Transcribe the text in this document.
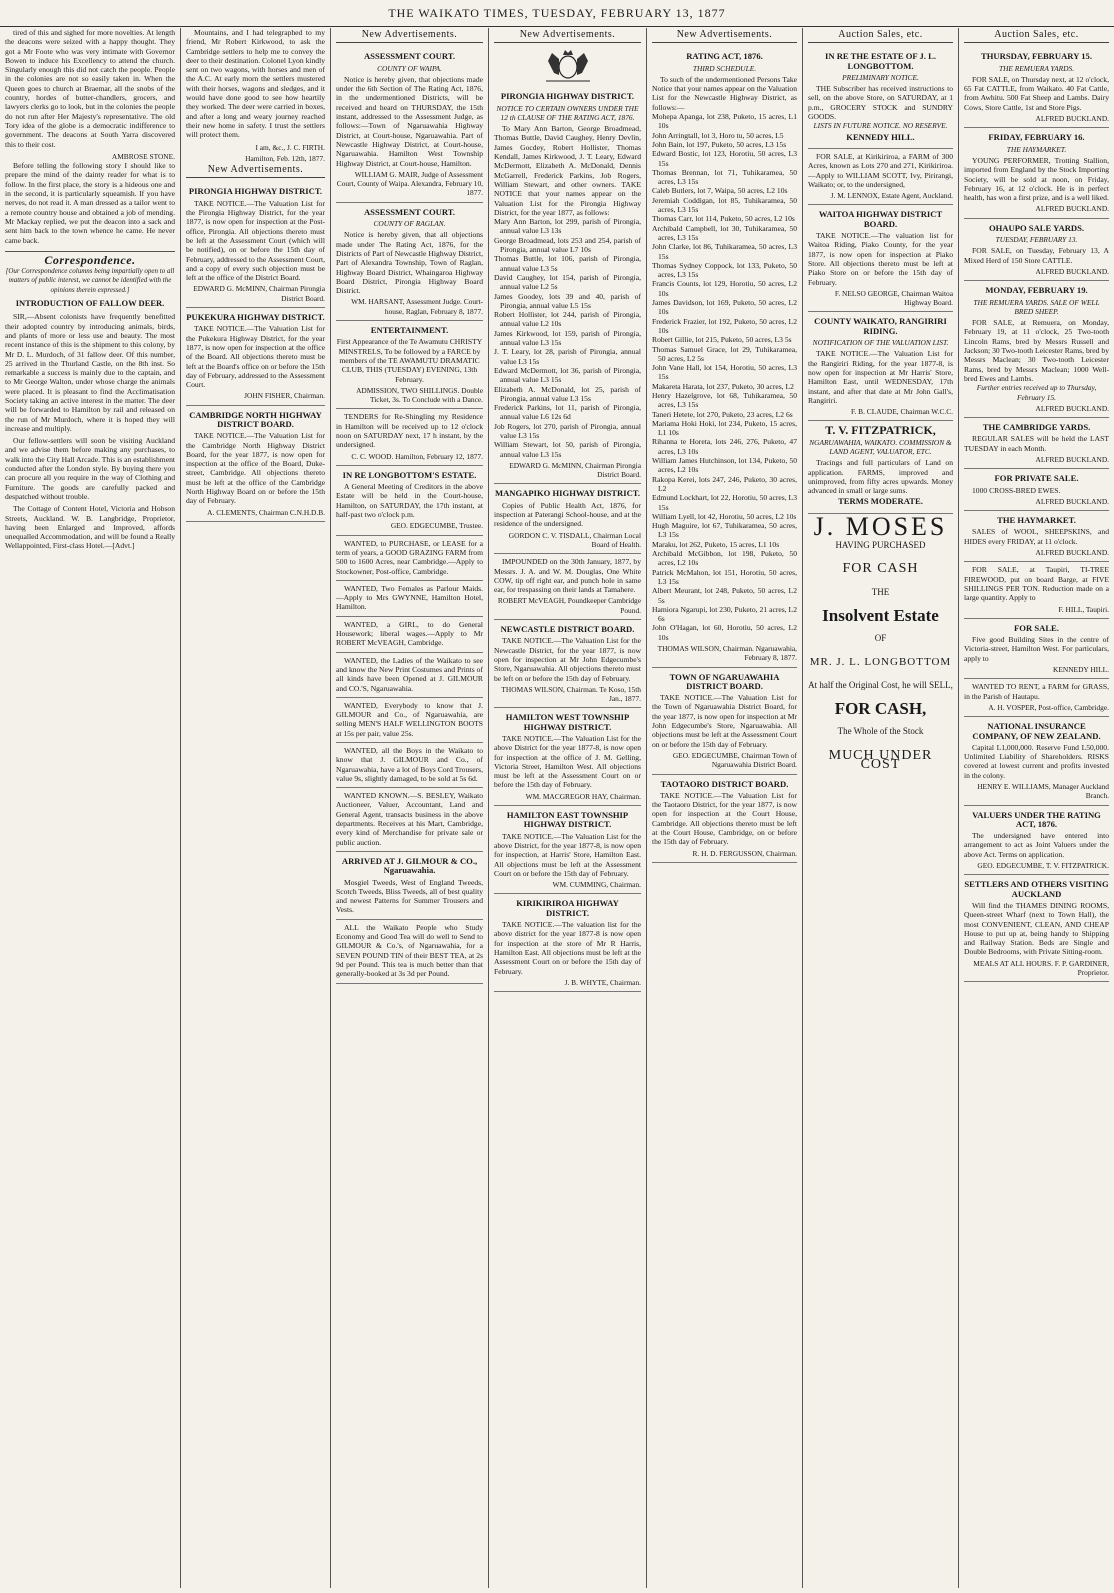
THE WAIKATO TIMES, TUESDAY, FEBRUARY 13, 1877

tired of this and sighed for more novelties. At length the deacons were seized with a happy thought. They got a Mr Foote who was very intimate with Governor Bowen to induce his Excellency to attend the church. Singularly enough this did not catch the people. People in the colonies are not so easily taken in. When the Queen goes to church at Braemar, all the snobs of the country, hordes of butter-chandlers, grocers, and lawyers clerks go to look, but in the colonies the people do not run after Her Majesty's representative. The old Tory idea of the globe is a democratic indifference to government. The deacons at South Yarra discovered this to their cost.

AMBROSE STONE.

Before telling the following story I should like to prepare the mind of the dainty reader for what is to follow. In the first place, the story is a hideous one and in the second, it is particularly squeamish. If you have nerves, do not read it. A man dressed as a tailor went to a remote country house and obtained a job of mending. Mr Mackay replied, we put the deacon into a sack and sent him back to the town whence he came. He never came back.

Correspondence.
[Our Correspondence columns being impartially open to all matters of public interest, we cannot be identified with the opinions therein expressed.]
INTRODUCTION OF FALLOW DEER.

SIR,—Absent colonists have frequently benefitted their adopted country by introducing animals, birds, and plants of more or less use and beauty. The most recent instance of this is the shipment to this colony, by Mr D. L. Murdoch, of 31 fallow deer. Of this number, 25 arrived in the Thurland Castle, on the 8th inst. So remarkable a success is mainly due to the captain, and to Mr George Walton, under whose charge the animals were placed. It is pleasant to find the Acclimatisation Society taking an active interest in the matter. The deer will be forwarded to Hamilton by rail and released on the run of Mr Murdoch, where it is hoped they will increase and multiply.

Our fellow-settlers will soon be visiting Auckland and we advise them before making any purchases, to walk into the City Hall Arcade. This is an establishment conducted after the London style. By buying there you can procure all you require in the way of Clothing and Furniture. The goods are carefully packed and despatched without trouble.

The Cottage of Content Hotel, Victoria and Hobson Streets, Auckland. W. B. Langbridge, Proprietor, having been Enlarged and Improved, affords unequalled Accommodation, and will be found a Really Wellappointed, First-class Hotel.—[Advt.]

Mountains, and I had telegraphed to my friend, Mr Robert Kirkwood, to ask the Cambridge settlers to help me to convey the deer to their destination. Colonel Lyon kindly sent on two wagons, with horses and men of the A.C. At early morn the settlers mustered with their horses, wagons and sledges, and it would have done good to see how heartily they worked. The deer were carried in boxes, and after a long and weary journey reached their new home in safety. I trust the settlers will protect them.

I am, &c., J. C. FIRTH.
Hamilton, Feb. 12th, 1877.
New Advertisements.
PIRONGIA HIGHWAY DISTRICT.

TAKE NOTICE.—The Valuation List for the Pirongia Highway District, for the year 1877, is now open for inspection at the Post-office, Pirongia. All objections thereto must be left at the Assessment Court (which will be notified), on or before the 15th day of February, addressed to the Assessment Court, and a copy of every such objection must be left at the office of the District Board.

EDWARD G. McMINN, Chairman Pirongia District Board.
PUKEKURA HIGHWAY DISTRICT.

TAKE NOTICE.—The Valuation List for the Pukekura Highway District, for the year 1877, is now open for inspection at the office of the Board. All objections thereto must be left at the Board's office on or before the 15th day of February, addressed to the Assessment Court.

JOHN FISHER, Chairman.
CAMBRIDGE NORTH HIGHWAY DISTRICT BOARD.

TAKE NOTICE.—The Valuation List for the Cambridge North Highway District Board, for the year 1877, is now open for inspection at the office of the Board, Duke-street, Cambridge. All objections thereto must be left at the office of the Cambridge North Highway Board on or before the 15th day of February.

A. CLEMENTS, Chairman C.N.H.D.B.
New Advertisements.
ASSESSMENT COURT.
COUNTY OF WAIPA.

Notice is hereby given, that objections made under the 6th Section of The Rating Act, 1876, in the undermentioned Districts, will be received and heard on THURSDAY, the 15th instant, addressed to the Assessment Judge, as follows:—Town of Ngaruawahia Highway District, at Court-house, Ngaruawahia. Part of Newcastle Highway District, at Court-house, Ngaruawahia. Hamilton West Township Highway District, at Court-house, Hamilton.

WILLIAM G. MAIR, Judge of Assessment Court, County of Waipa. Alexandra, February 10, 1877.
ASSESSMENT COURT.
COUNTY OF RAGLAN.

Notice is hereby given, that all objections made under The Rating Act, 1876, for the Districts of Part of Newcastle Highway District, Part of Alexandra Township, Town of Raglan, Highway Board District, Whaingaroa Highway Board District, Pirongia Highway Board District.

WM. HARSANT, Assessment Judge. Court-house, Raglan, February 8, 1877.
ENTERTAINMENT.

First Appearance of the Te Awamutu CHRISTY MINSTRELS, To be followed by a FARCE by members of the TE AWAMUTU DRAMATIC CLUB, THIS (TUESDAY) EVENING, 13th February.

ADMISSION, TWO SHILLINGS. Double Ticket, 3s. To Conclude with a Dance.

TENDERS for Re-Shingling my Residence in Hamilton will be received up to 12 o'clock noon on SATURDAY next, 17 h instant, by the undersigned.

C. C. WOOD. Hamilton, February 12, 1877.
IN RE LONGBOTTOM'S ESTATE.

A General Meeting of Creditors in the above Estate will be held in the Court-house, Hamilton, on SATURDAY, the 17th instant, at half-past two o'clock p.m.

GEO. EDGECUMBE, Trustee.

WANTED, to PURCHASE, or LEASE for a term of years, a GOOD GRAZING FARM from 500 to 1600 Acres, near Cambridge.—Apply to Stockowner, Post-office, Cambridge.

WANTED, Two Females as Parlour Maids.—Apply to Mrs GWYNNE, Hamilton Hotel, Hamilton.

WANTED, a GIRL, to do General Housework; liberal wages.—Apply to Mr ROBERT McVEAGH, Cambridge.

WANTED, the Ladies of the Waikato to see and know the New Print Costumes and Prints of all kinds have been Opened at J. GILMOUR and CO.'S, Ngaruawahia.

WANTED, Everybody to know that J. GILMOUR and Co., of Ngaruawahia, are selling MEN'S HALF WELLINGTON BOOTS at 15s per pair, value 25s.

WANTED, all the Boys in the Waikato to know that J. GILMOUR and Co., of Ngaruawahia, have a lot of Boys Cord Trousers, value 9s, slightly damaged, to be sold at 5s 6d.

WANTED KNOWN.—S. BESLEY, Waikato Auctioneer, Valuer, Accountant, Land and General Agent, transacts business in the above departments. Receives at his Mart, Cambridge, every kind of Merchandise for private sale or public auction.

ARRIVED AT J. GILMOUR & CO., Ngaruawahia.

Mosgiel Tweeds, West of England Tweeds, Scotch Tweeds, Bliss Tweeds, all of best quality and newest Patterns for Summer Trousers and Vests.

ALL the Waikato People who Study Economy and Good Tea will do well to Send to GILMOUR & Co.'s, of Ngaruawahia, for a SEVEN POUND TIN of their BEST TEA, at 2s 9d per Pound. This tea is much better than that generally-booked at 3s 3d per Pound.

New Advertisements.
PIRONGIA HIGHWAY DISTRICT.
NOTICE TO CERTAIN OWNERS UNDER THE 12 th CLAUSE OF THE RATING ACT, 1876.

To Mary Ann Barton, George Broadmead, Thomas Buttle, David Caughey, Henry Devlin, James Gocdey, Robert Hollister, Thomas Kendall, James Kirkwood, J. T. Leary, Edward McDermott, Elizabeth A. McDonald, Dennis McGarrell, Frederick Parkins, Job Rogers, William Stewart, and other owners. TAKE NOTICE that your names appear on the Valuation List for the Pirongia Highway District, for the year 1877, as follows:

Mary Ann Barton, lot 299, parish of Pirongia, annual value L3 13s

George Broadmead, lots 253 and 254, parish of Pirongia, annual value L7 10s

Thomas Buttle, lot 106, parish of Pirongia, annual value L3 5s

David Caughey, lot 154, parish of Pirongia, annual value L2 5s

James Goodey, lots 39 and 40, parish of Pirongia, annual value L5 15s

Robert Hollister, lot 244, parish of Pirongia, annual value L2 10s

James Kirkwood, lot 159, parish of Pirongia, annual value L3 15s

J. T. Leary, lot 28, parish of Pirongia, annual value L3 15s

Edward McDermott, lot 36, parish of Pirongia, annual value L3 15s

Elizabeth A. McDonald, lot 25, parish of Pirongia, annual value L3 15s

Frederick Parkins, lot 11, parish of Pirongia, annual value L6 12s 6d

Job Rogers, lot 270, parish of Pirongia, annual value L3 15s

William Stewart, lot 50, parish of Pirongia, annual value L3 15s

EDWARD G. McMINN, Chairman Pirongia District Board.
MANGAPIKO HIGHWAY DISTRICT.

Copies of Public Health Act, 1876, for inspection at Paterangi School-house, and at the residence of the undersigned.

GORDON C. V. TISDALL, Chairman Local Board of Health.

IMPOUNDED on the 30th January, 1877, by Messrs. J. A. and W. M. Douglas, One White COW, tip off right ear, and punch hole in same ear, for trespassing on their lands at Tamahere.

ROBERT McVEAGH, Poundkeeper Cambridge Pound.
NEWCASTLE DISTRICT BOARD.

TAKE NOTICE.—The Valuation List for the Newcastle District, for the year 1877, is now open for inspection at Mr John Edgecumbe's Store, Ngaruawahia. All objections thereto must be left on or before the 15th day of February.

THOMAS WILSON, Chairman. Te Koso, 15th Jan., 1877.
HAMILTON WEST TOWNSHIP HIGHWAY DISTRICT.

TAKE NOTICE.—The Valuation List for the above District for the year 1877-8, is now open for inspection at the office of J. M. Gelling, Victoria Street, Hamilton West. All objections must be left at the Assessment Court on or before the 15th day of February.

WM. MACGREGOR HAY, Chairman.
HAMILTON EAST TOWNSHIP HIGHWAY DISTRICT.

TAKE NOTICE.—The Valuation List for the above District, for the year 1877-8, is now open for inspection, at Harris' Store, Hamilton East. All objections must be left at the Assessment Court on or before the 15th day of February.

WM. CUMMING, Chairman.
KIRIKIRIROA HIGHWAY DISTRICT.

TAKE NOTICE.—The valuation list for the above district for the year 1877-8 is now open for inspection at the store of Mr R Harris, Hamilton East. All objections must be left at the Assessment Court on or before the 15th day of February.

J. B. WHYTE, Chairman.
New Advertisements.
RATING ACT, 1876.
THIRD SCHEDULE.

To such of the undermentioned Persons Take Notice that your names appear on the Valuation List for the Newcastle Highway District, as follows:—

Mohepa Apanga, lot 238, Puketo, 15 acres, L1 10s

John Arringtall, lot 3, Horo tu, 50 acres, L5

John Bain, lot 197, Puketo, 50 acres, L3 15s

Edward Bostic, lot 123, Horotiu, 50 acres, L3 15s

Thomas Brennan, lot 71, Tuhikaramea, 50 acres, L3 15s

Caleb Butlers, lot 7, Waipa, 50 acres, L2 10s

Jeremiah Coddigan, lot 85, Tuhikaramea, 50 acres, L3 15s

Thomas Carr, lot 114, Puketo, 50 acres, L2 10s

Archibald Campbell, lot 30, Tuhikaramea, 50 acres, L3 15s

John Clarke, lot 86, Tuhikaramea, 50 acres, L3 15s

Thomas Sydney Coppock, lot 133, Puketo, 50 acres, L3 15s

Francis Counts, lot 129, Horotiu, 50 acres, L2 10s

James Davidson, lot 169, Puketo, 50 acres, L2 10s

Frederick Frazier, lot 192, Puketo, 50 acres, L2 10s

Robert Gillie, lot 215, Puketo, 50 acres, L3 5s

Thomas Samuel Grace, lot 29, Tuhikaramea, 50 acres, L2 5s

John Vane Hall, lot 154, Horotiu, 50 acres, L3 15s

Makareta Harata, lot 237, Puketo, 30 acres, L2

Henry Hazelgrove, lot 68, Tuhikaramea, 50 acres, L3 15s

Taneri Hetete, lot 270, Puketo, 23 acres, L2 6s

Mariama Hoki Hoki, lot 234, Puketo, 15 acres, L1 10s

Rihanna te Horeta, lots 246, 276, Puketo, 47 acres, L3 10s

William James Hutchinson, lot 134, Puketo, 50 acres, L2 10s

Rakopa Kerei, lots 247, 246, Puketo, 30 acres, L2

Edmund Lockhart, lot 22, Horotiu, 50 acres, L3 15s

William Lyell, lot 42, Horotiu, 50 acres, L2 10s

Hugh Maguire, lot 67, Tuhikaramea, 50 acres, L3 15s

Maraku, lot 262, Puketo, 15 acres, L1 10s

Archibald McGibbon, lot 198, Puketo, 50 acres, L2 10s

Patrick McMahon, lot 151, Horotiu, 50 acres, L3 15s

Albert Meurant, lot 248, Puketo, 50 acres, L2 5s

Hamiora Ngarupi, lot 230, Puketo, 21 acres, L2 6s

John O'Hagan, lot 60, Horotiu, 50 acres, L2 10s

THOMAS WILSON, Chairman. Ngaruawahia, February 8, 1877.
TOWN OF NGARUAWAHIA DISTRICT BOARD.

TAKE NOTICE.—The Valuation List for the Town of Ngaruawahia District Board, for the year 1877, is now open for inspection at Mr John Edgecumbe's Store, Ngaruawahia. All objections must be left at the Assessment Court on or before the 15th day of February.

GEO. EDGECUMBE, Chairman Town of Ngaruawahia District Board.
TAOTAORO DISTRICT BOARD.

TAKE NOTICE.—The Valuation List for the Taotaoro District, for the year 1877, is now open for inspection at the Court House, Cambridge. All objections thereto must be left at the Court House, Cambridge, on or before the 15th day of February.

R. H. D. FERGUSSON, Chairman.
Auction Sales, etc.
IN RE THE ESTATE OF J. L. LONGBOTTOM.
PRELIMINARY NOTICE.

THE Subscriber has received instructions to sell, on the above Store, on SATURDAY, at 1 p.m., GROCERY STOCK and SUNDRY GOODS.

LISTS IN FUTURE NOTICE. NO RESERVE.
KENNEDY HILL.

FOR SALE, at Kirikiriroa, a FARM of 300 Acres, known as Lots 270 and 271, Kirikiriroa.—Apply to WILLIAM SCOTT, Ivy, Pirirangi, Waikato; or, to the undersigned,

J. M. LENNOX, Estate Agent, Auckland.
WAITOA HIGHWAY DISTRICT BOARD.

TAKE NOTICE.—The valuation list for Waitoa Riding, Piako County, for the year 1877, is now open for inspection at Piako Store. All objections thereto must be left at Piako Store on or before the 15th day of February.

F. NELSO GEORGE, Chairman Waitoa Highway Board.
COUNTY WAIKATO, RANGIRIRI RIDING.
NOTIFICATION OF THE VALUATION LIST.

TAKE NOTICE.—The Valuation List for the Rangiriri Riding, for the year 1877-8, is now open for inspection at Mr Harris' Store, Hamilton East, until WEDNESDAY, 17th instant, and after that date at Mr John Gall's, Rangiriri.

F. B. CLAUDE, Chairman W.C.C.
T. V. FITZPATRICK,
NGARUAWAHIA, WAIKATO. COMMISSION & LAND AGENT, VALUATOR, ETC.

Tracings and full particulars of Land on application. FARMS, improved and unimproved, from fifty acres upwards. Money advanced in small or large sums.

TERMS MODERATE.
J. MOSES
HAVING PURCHASED
FOR CASH
THE
Insolvent Estate
OF
MR. J. L. LONGBOTTOM
At half the Original Cost, he will SELL,
FOR CASH,
The Whole of the Stock
MUCH UNDER COST
Auction Sales, etc.
THURSDAY, FEBRUARY 15.
THE REMUERA YARDS.

FOR SALE, on Thursday next, at 12 o'clock, 65 Fat CATTLE, from Waikato. 40 Fat Cattle, from Awhitu. 500 Fat Sheep and Lambs. Dairy Cows, Store Cattle, 1st and Store Pigs.

ALFRED BUCKLAND.
FRIDAY, FEBRUARY 16.
THE HAYMARKET.

YOUNG PERFORMER, Trotting Stallion, imported from England by the Stock Importing Society, will be sold at noon, on Friday, February 16, at 12 o'clock. He is in perfect health, has won a first prize, and is a well liked.

ALFRED BUCKLAND.
OHAUPO SALE YARDS.
TUESDAY, FEBRUARY 13.

FOR SALE, on Tuesday, February 13, A Mixed Herd of 150 Store CATTLE.

ALFRED BUCKLAND.
MONDAY, FEBRUARY 19.
THE REMUERA YARDS. SALE OF WELL BRED SHEEP.

FOR SALE, at Remuera, on Monday, February 19, at 11 o'clock, 25 Two-tooth Lincoln Rams, bred by Messrs Russell and Jackson; 30 Two-tooth Leicester Rams, bred by Messrs Maclean; 30 Two-tooth Leicester Rams, bred by Messrs Maclean; 1000 Well-bred Ewes and Lambs.

Further entries received up to Thursday, February 15.
ALFRED BUCKLAND.
THE CAMBRIDGE YARDS.

REGULAR SALES will be held the LAST TUESDAY in each Month.

ALFRED BUCKLAND.
FOR PRIVATE SALE.

1000 CROSS-BRED EWES.

ALFRED BUCKLAND.
THE HAYMARKET.

SALES of WOOL, SHEEPSKINS, and HIDES every FRIDAY, at 11 o'clock.

ALFRED BUCKLAND.

FOR SALE, at Taupiri, TI-TREE FIREWOOD, put on board Barge, at FIVE SHILLINGS PER TON. Reduction made on a large quantity. Apply to

F. HILL, Taupiri.
FOR SALE.

Five good Building Sites in the centre of Victoria-street, Hamilton West. For particulars, apply to

KENNEDY HILL.

WANTED TO RENT, a FARM for GRASS, in the Parish of Hautapu.

A. H. VOSPER, Post-office, Cambridge.
NATIONAL INSURANCE COMPANY, OF NEW ZEALAND.

Capital L1,000,000. Reserve Fund L50,000. Unlimited Liability of Shareholders. RISKS covered at lowest current and profits invested in the colony.

HENRY E. WILLIAMS, Manager Auckland Branch.
VALUERS UNDER THE RATING ACT, 1876.

The undersigned have entered into arrangement to act as Joint Valuers under the above Act. Terms on application.

GEO. EDGECUMBE, T. V. FITZPATRICK.
SETTLERS AND OTHERS VISITING AUCKLAND

Will find the THAMES DINING ROOMS, Queen-street Wharf (next to Town Hall), the most CONVENIENT, CLEAN, AND CHEAP House to put up at, being handy to Shipping and Railway Station. Beds are Single and Double Bedrooms, with Private Sitting-room.

MEALS AT ALL HOURS. F. P. GARDINER, Proprietor.
